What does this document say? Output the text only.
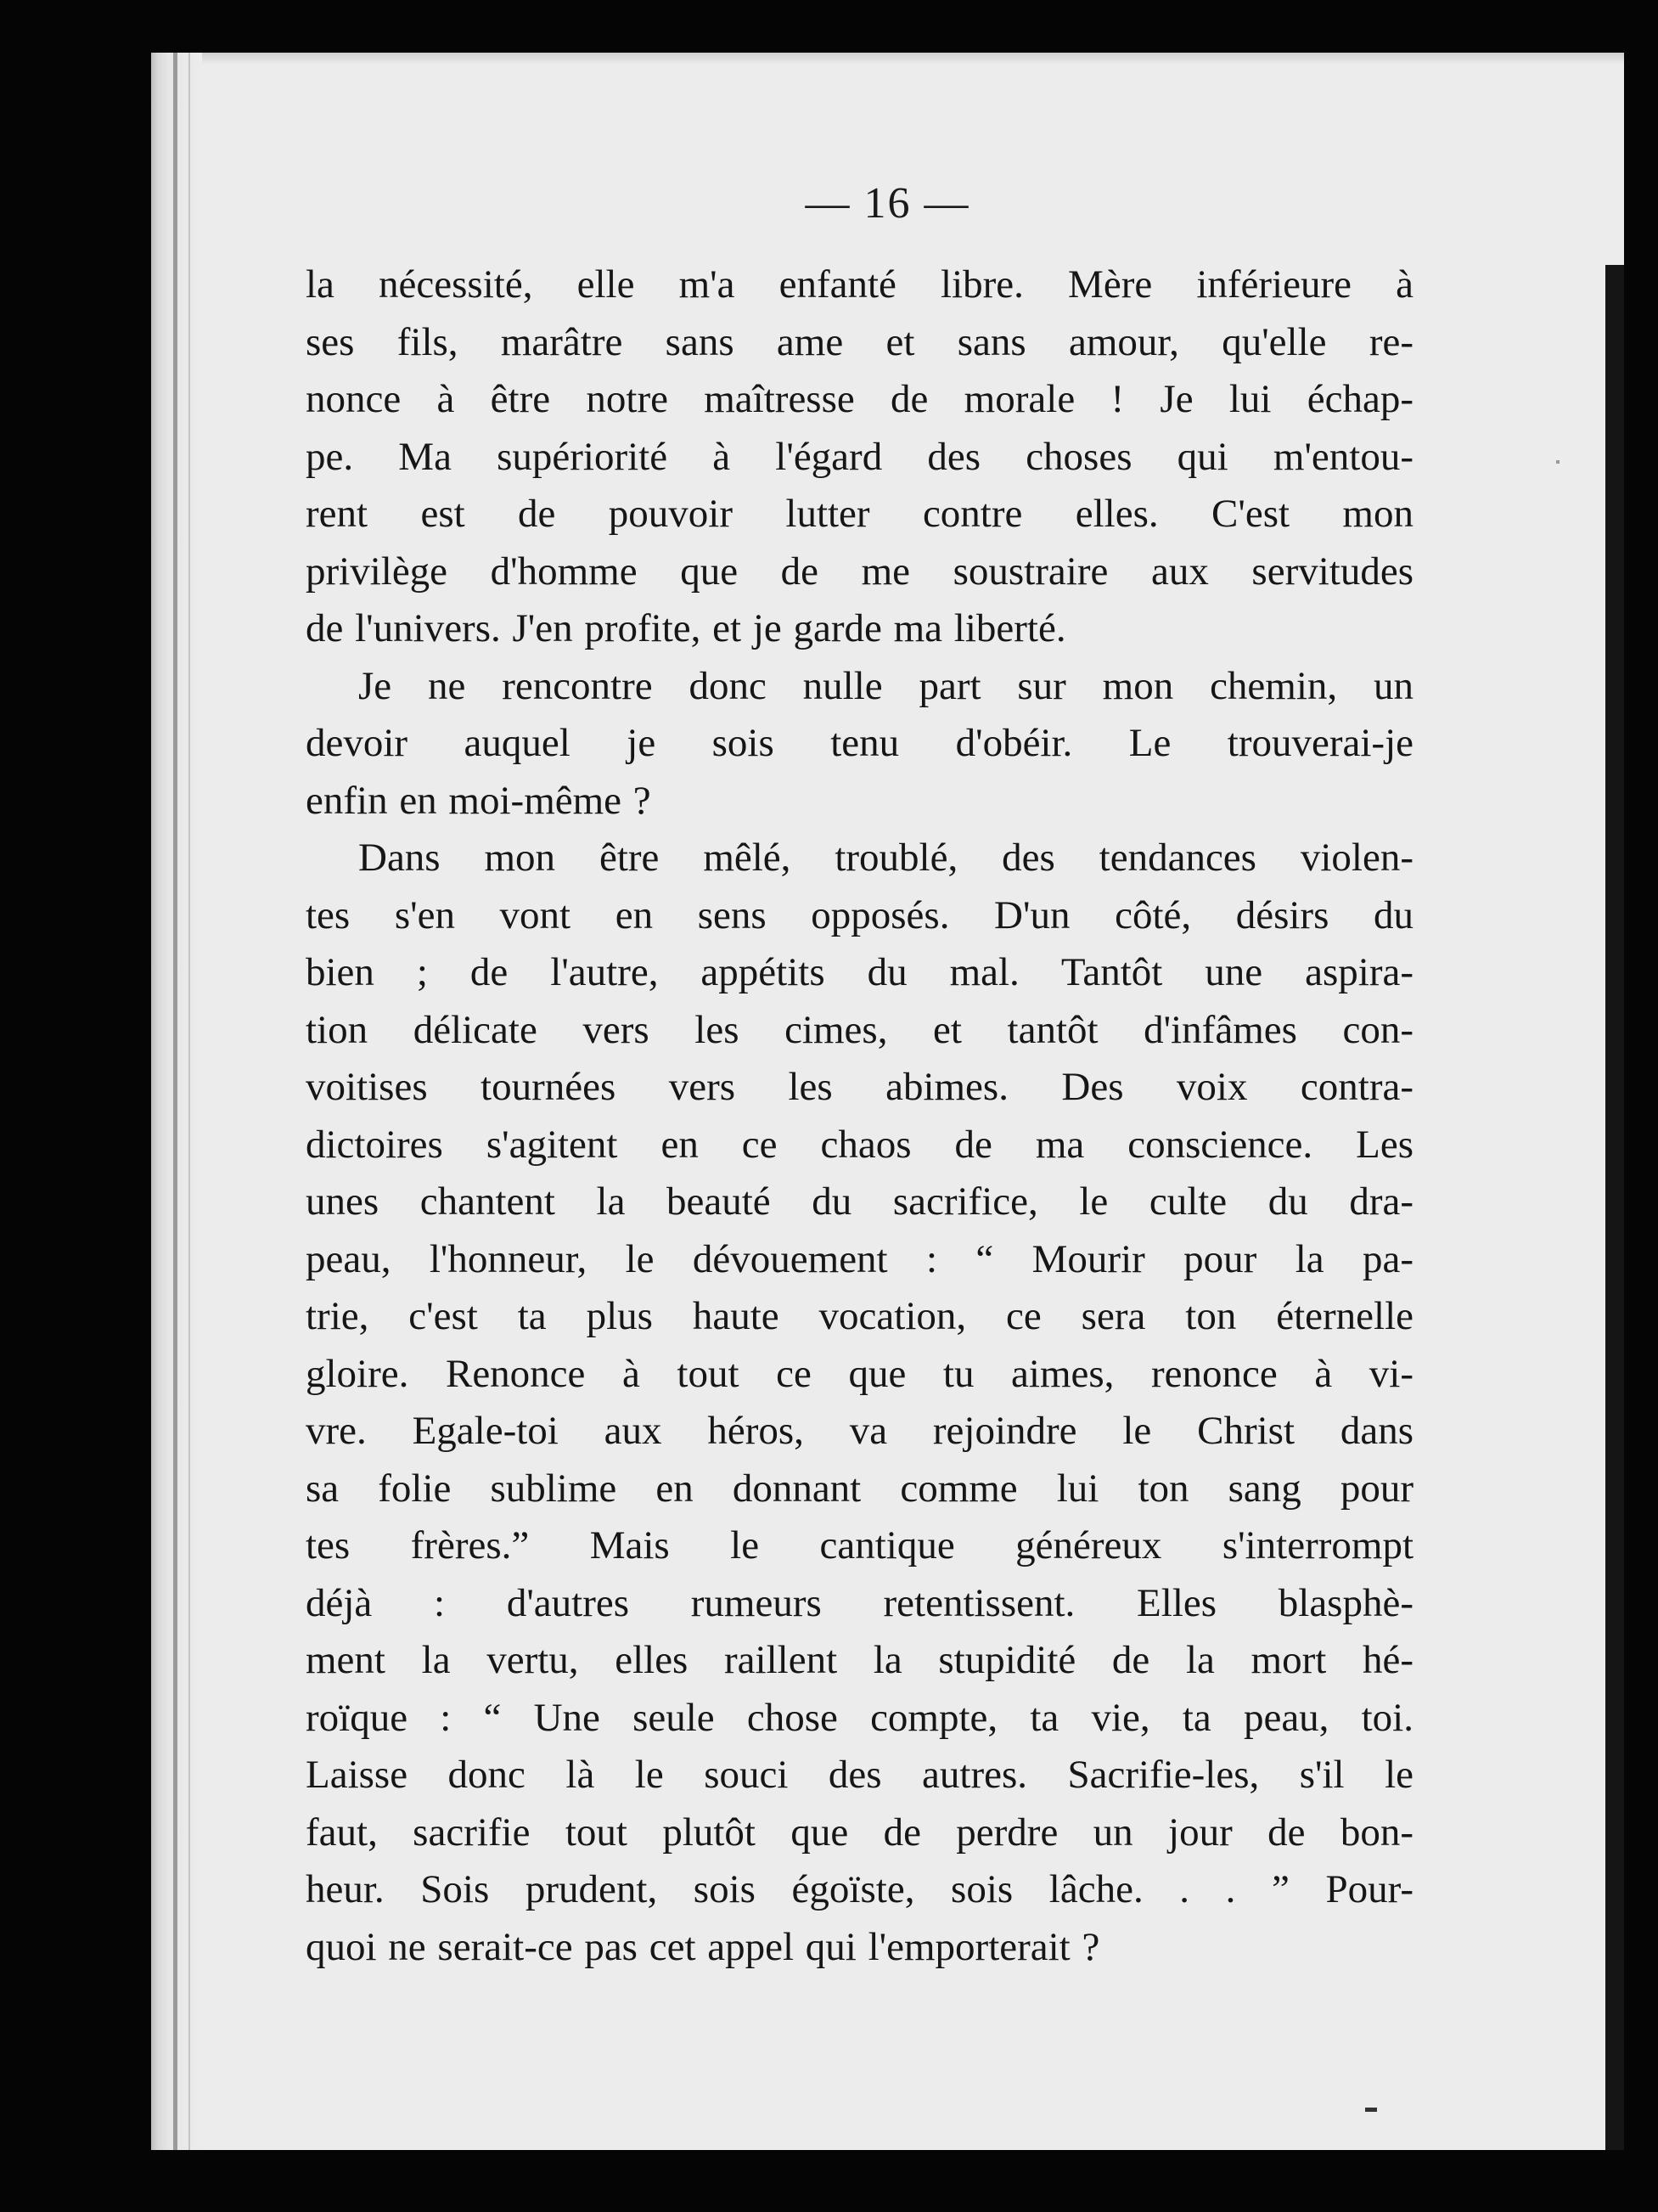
— 16 —
la nécessité, elle m'a enfanté libre. Mère inférieure à
ses fils, marâtre sans ame et sans amour, qu'elle re-
nonce à être notre maîtresse de morale ! Je lui échap-
pe. Ma supériorité à l'égard des choses qui m'entou-
rent est de pouvoir lutter contre elles. C'est mon
privilège d'homme que de me soustraire aux servitudes
de l'univers. J'en profite, et je garde ma liberté.
Je ne rencontre donc nulle part sur mon chemin, un
devoir auquel je sois tenu d'obéir. Le trouverai-je
enfin en moi-même ?
Dans mon être mêlé, troublé, des tendances violen-
tes s'en vont en sens opposés. D'un côté, désirs du
bien ; de l'autre, appétits du mal. Tantôt une aspira-
tion délicate vers les cimes, et tantôt d'infâmes con-
voitises tournées vers les abimes. Des voix contra-
dictoires s'agitent en ce chaos de ma conscience. Les
unes chantent la beauté du sacrifice, le culte du dra-
peau, l'honneur, le dévouement : “ Mourir pour la pa-
trie, c'est ta plus haute vocation, ce sera ton éternelle
gloire. Renonce à tout ce que tu aimes, renonce à vi-
vre. Egale-toi aux héros, va rejoindre le Christ dans
sa folie sublime en donnant comme lui ton sang pour
tes frères.” Mais le cantique généreux s'interrompt
déjà : d'autres rumeurs retentissent. Elles blasphè-
ment la vertu, elles raillent la stupidité de la mort hé-
roïque : “ Une seule chose compte, ta vie, ta peau, toi.
Laisse donc là le souci des autres. Sacrifie-les, s'il le
faut, sacrifie tout plutôt que de perdre un jour de bon-
heur. Sois prudent, sois égoïste, sois lâche. . . ” Pour-
quoi ne serait-ce pas cet appel qui l'emporterait ?
